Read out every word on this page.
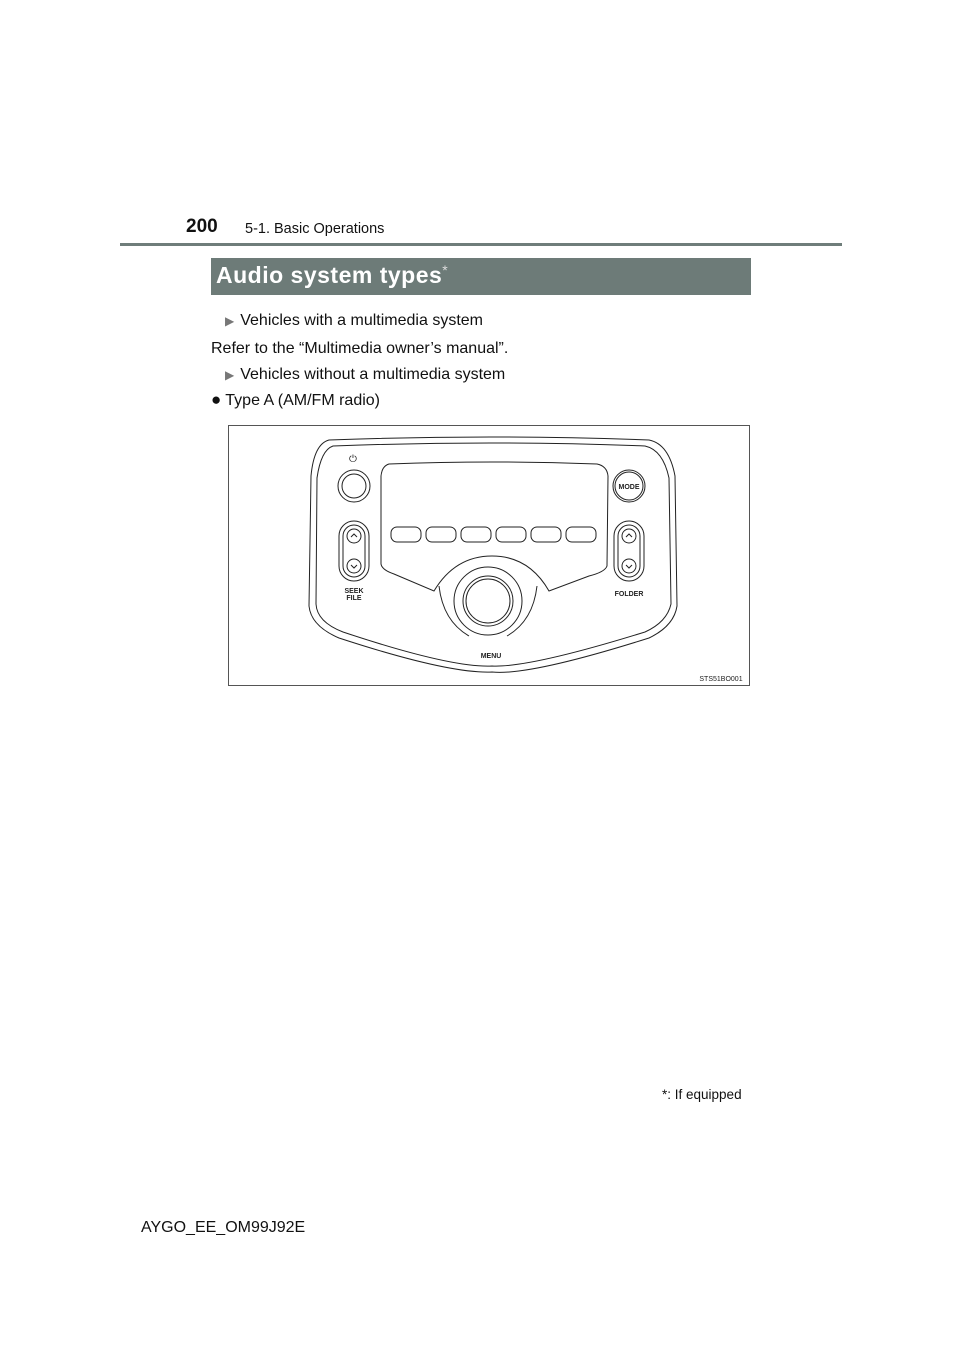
200 5-1. Basic Operations
Audio system types*
▶ Vehicles with a multimedia system
Refer to the “Multimedia owner’s manual”.
▶ Vehicles without a multimedia system
● Type A (AM/FM radio)
⏻
MODE
SEEK
FILE
FOLDER
MENU
STS51BO001
*: If equipped
AYGO_EE_OM99J92E
